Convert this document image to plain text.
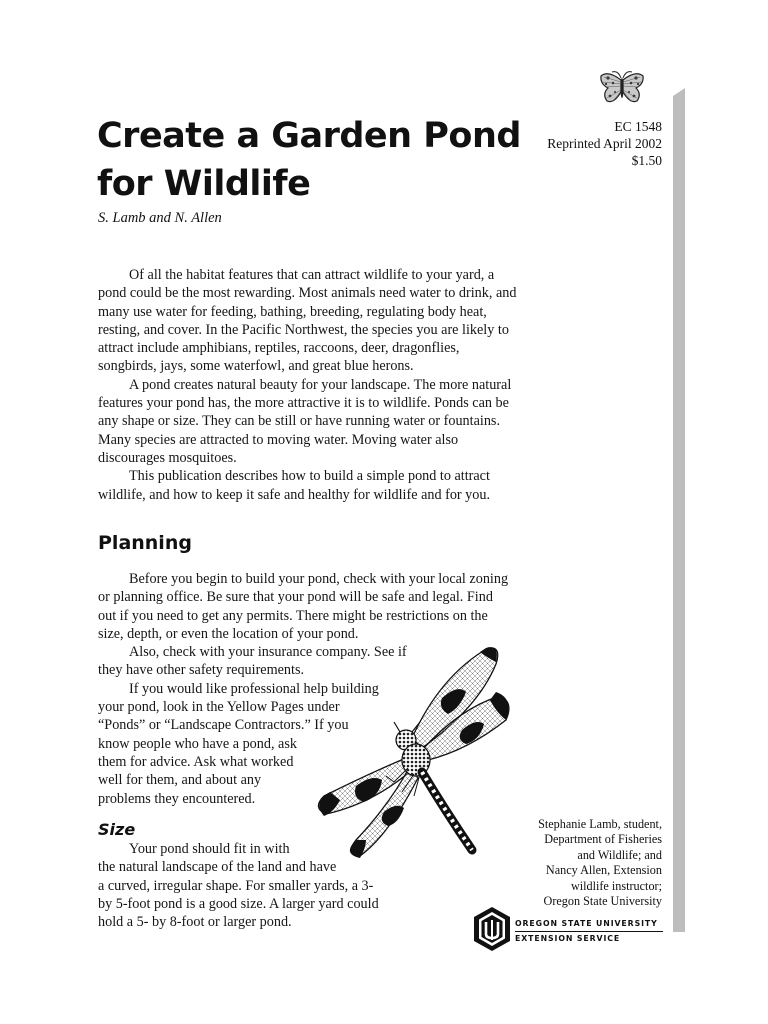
EC 1548
Reprinted April 2002
$1.50
Create a Garden Pond
for Wildlife
S. Lamb and N. Allen

Of all the habitat features that can attract wildlife to your yard, a pond could be the most rewarding. Most animals need water to drink, and many use water for feeding, bathing, breeding, regulating body heat, resting, and cover. In the Pacific Northwest, the species you are likely to attract include amphibians, reptiles, raccoons, deer, dragonflies, songbirds, jays, some waterfowl, and great blue herons.

A pond creates natural beauty for your landscape. The more natural features your pond has, the more attractive it is to wildlife. Ponds can be any shape or size. They can be still or have running water or fountains. Many species are attracted to moving water. Moving water also discourages mosquitoes.

This publication describes how to build a simple pond to attract wildlife, and how to keep it safe and healthy for wildlife and for you.

Planning
Before you begin to build your pond, check with your local zoning
or planning office. Be sure that your pond will be safe and legal. Find
out if you need to get any permits. There might be restrictions on the
size, depth, or even the location of your pond.
Also, check with your insurance company. See if
they have other safety requirements.
If you would like professional help building
your pond, look in the Yellow Pages under
“Ponds” or “Landscape Contractors.” If you
know people who have a pond, ask
them for advice. Ask what worked
well for them, and about any
problems they encountered.
Size
Your pond should fit in with
the natural landscape of the land and have
a curved, irregular shape. For smaller yards, a 3-
by 5-foot pond is a good size. A larger yard could
hold a 5- by 8-foot or larger pond.
Stephanie Lamb, student,
Department of Fisheries
and Wildlife; and
Nancy Allen, Extension
wildlife instructor;
Oregon State University
OREGON STATE UNIVERSITY
EXTENSION SERVICE
